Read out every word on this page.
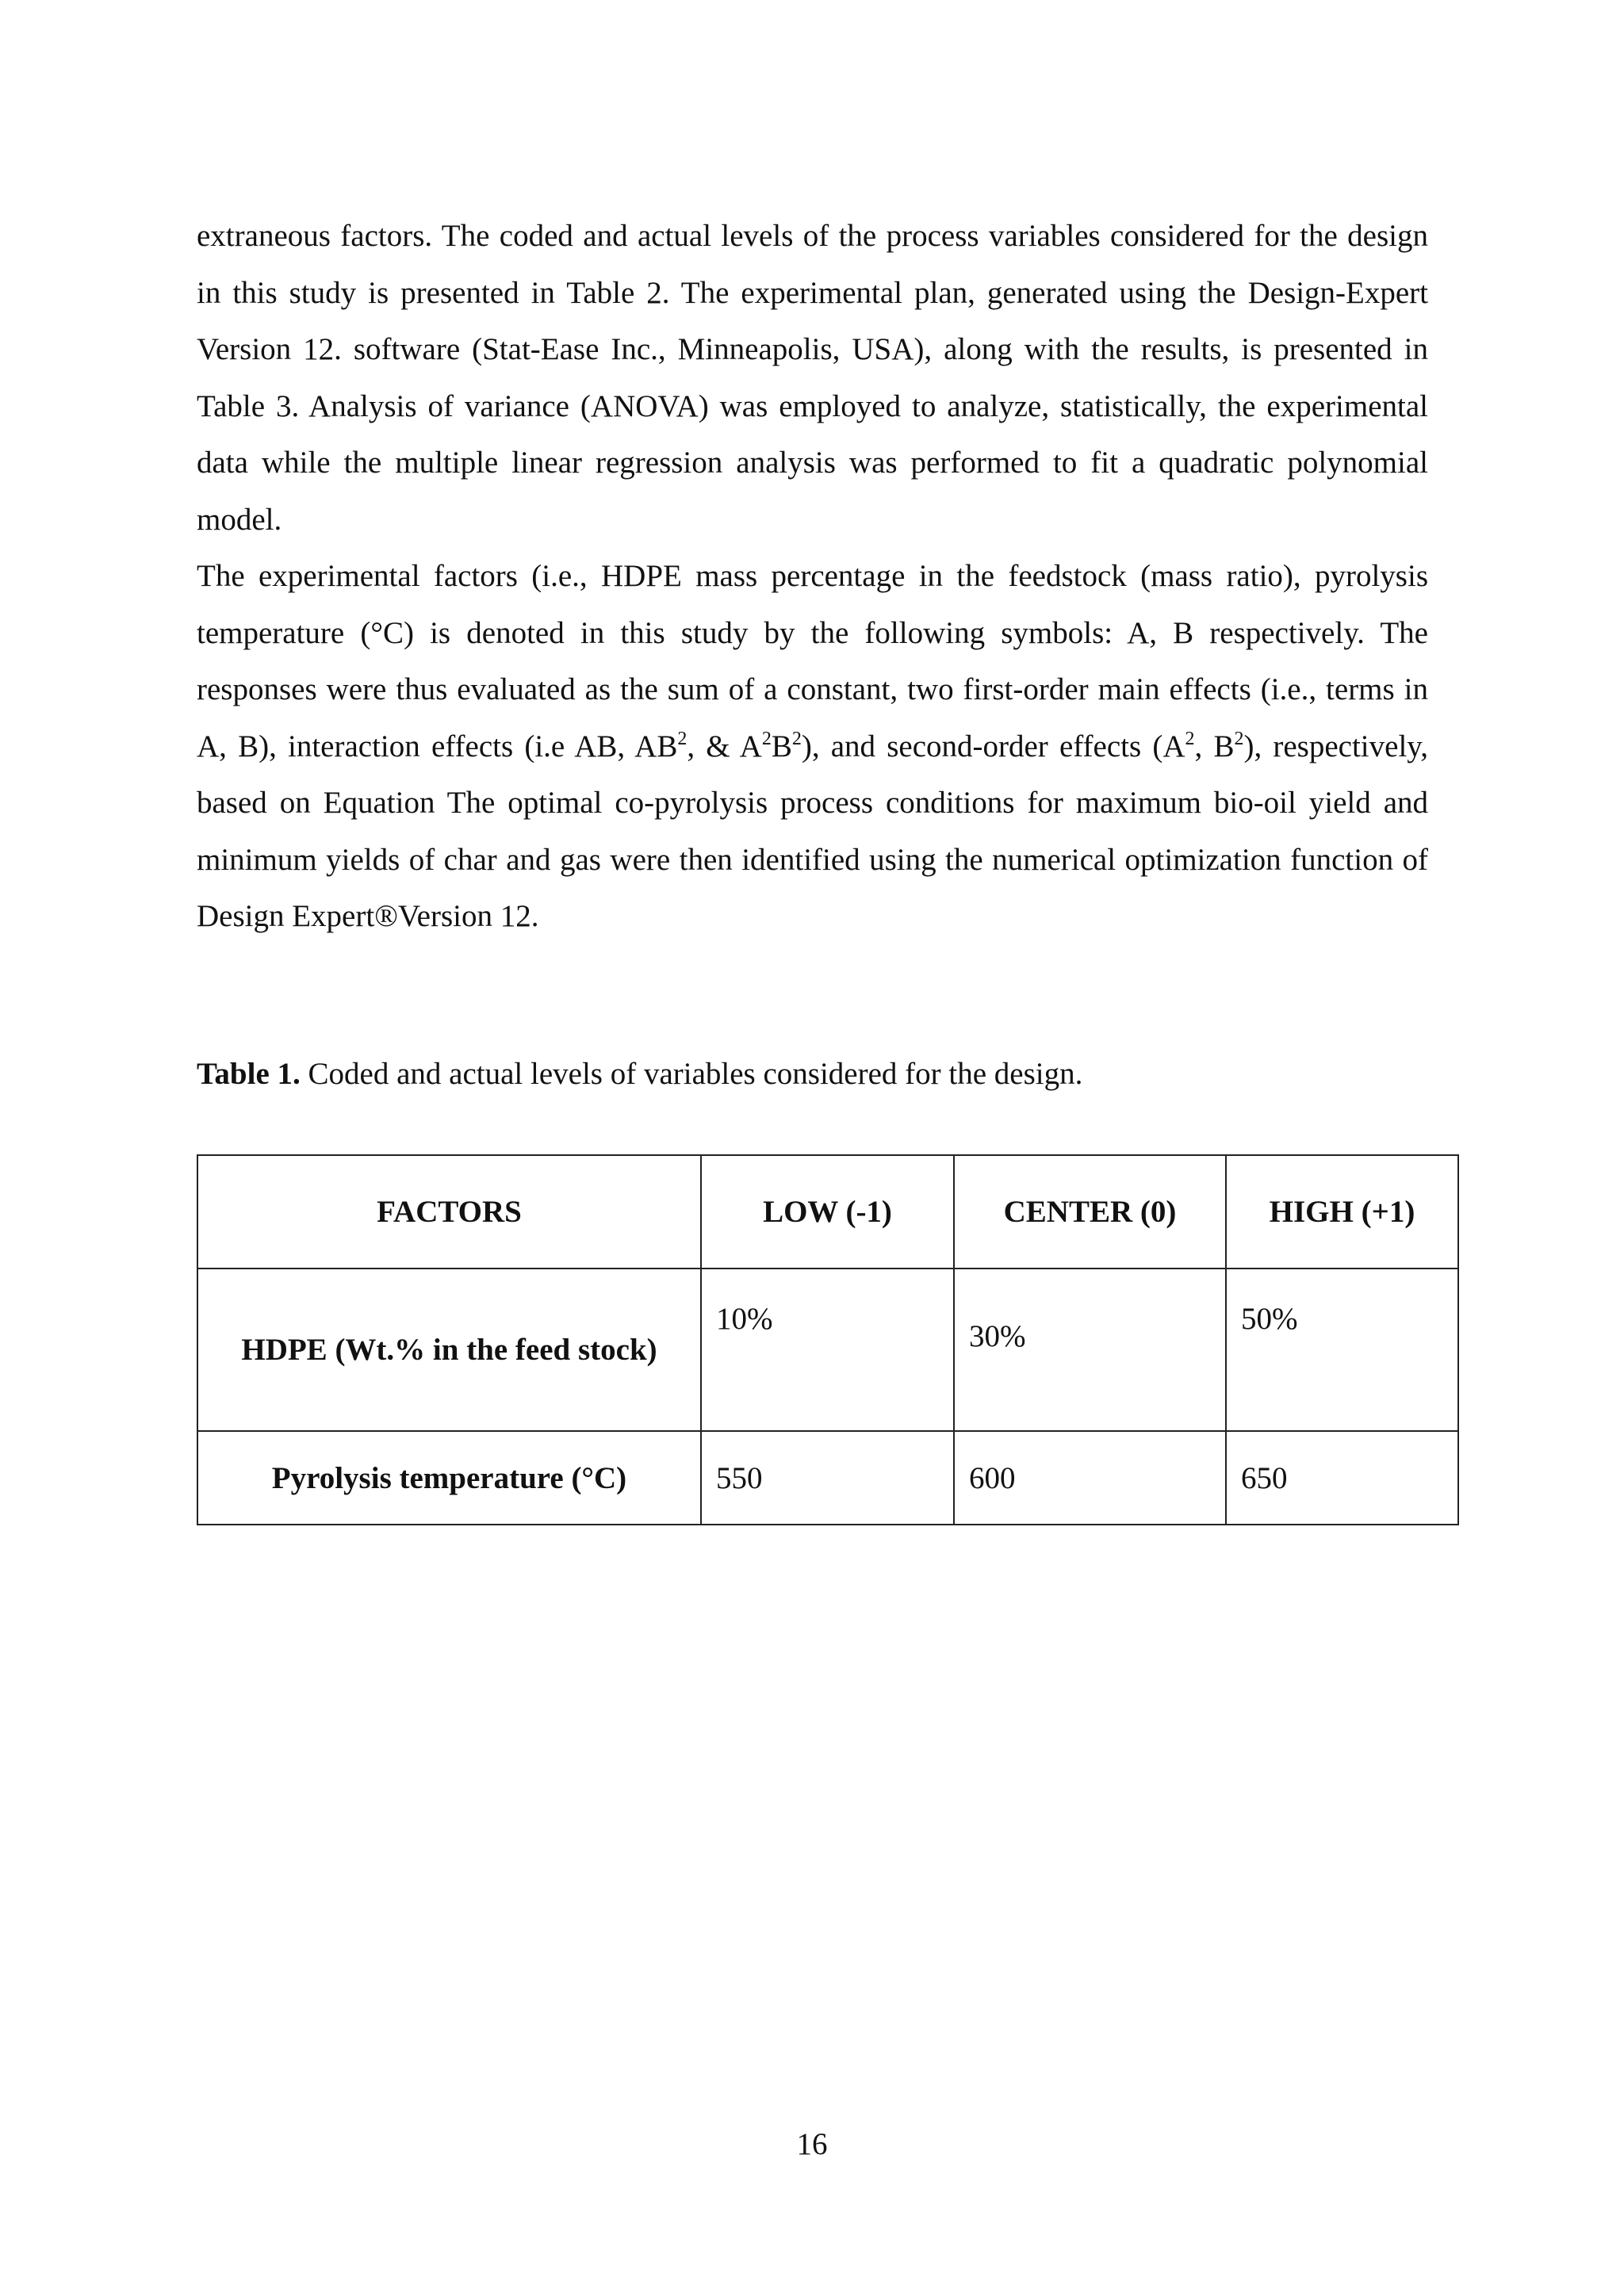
extraneous factors. The coded and actual levels of the process variables considered for the design in this study is presented in Table 2. The experimental plan, generated using the Design-Expert Version 12. software (Stat-Ease Inc., Minneapolis, USA), along with the results, is presented in Table 3. Analysis of variance (ANOVA) was employed to analyze, statistically, the experimental data while the multiple linear regression analysis was performed to fit a quadratic polynomial model.

The experimental factors (i.e., HDPE mass percentage in the feedstock (mass ratio), pyrolysis temperature (°C) is denoted in this study by the following symbols: A, B respectively. The responses were thus evaluated as the sum of a constant, two first-order main effects (i.e., terms in A, B), interaction effects (i.e AB, $AB^2$, & $A^2B^2$), and second-order effects ($A^2$, $B^2$), respectively, based on Equation The optimal co-pyrolysis process conditions for maximum bio-oil yield and minimum yields of char and gas were then identified using the numerical optimization function of Design Expert®Version 12.

Table 1. Coded and actual levels of variables considered for the design.

FACTORS	LOW (-1)	CENTER (0)	HIGH (+1)
HDPE (Wt.% in the feed stock)	10%	30%	50%
Pyrolysis temperature (°C)	550	600	650

16
